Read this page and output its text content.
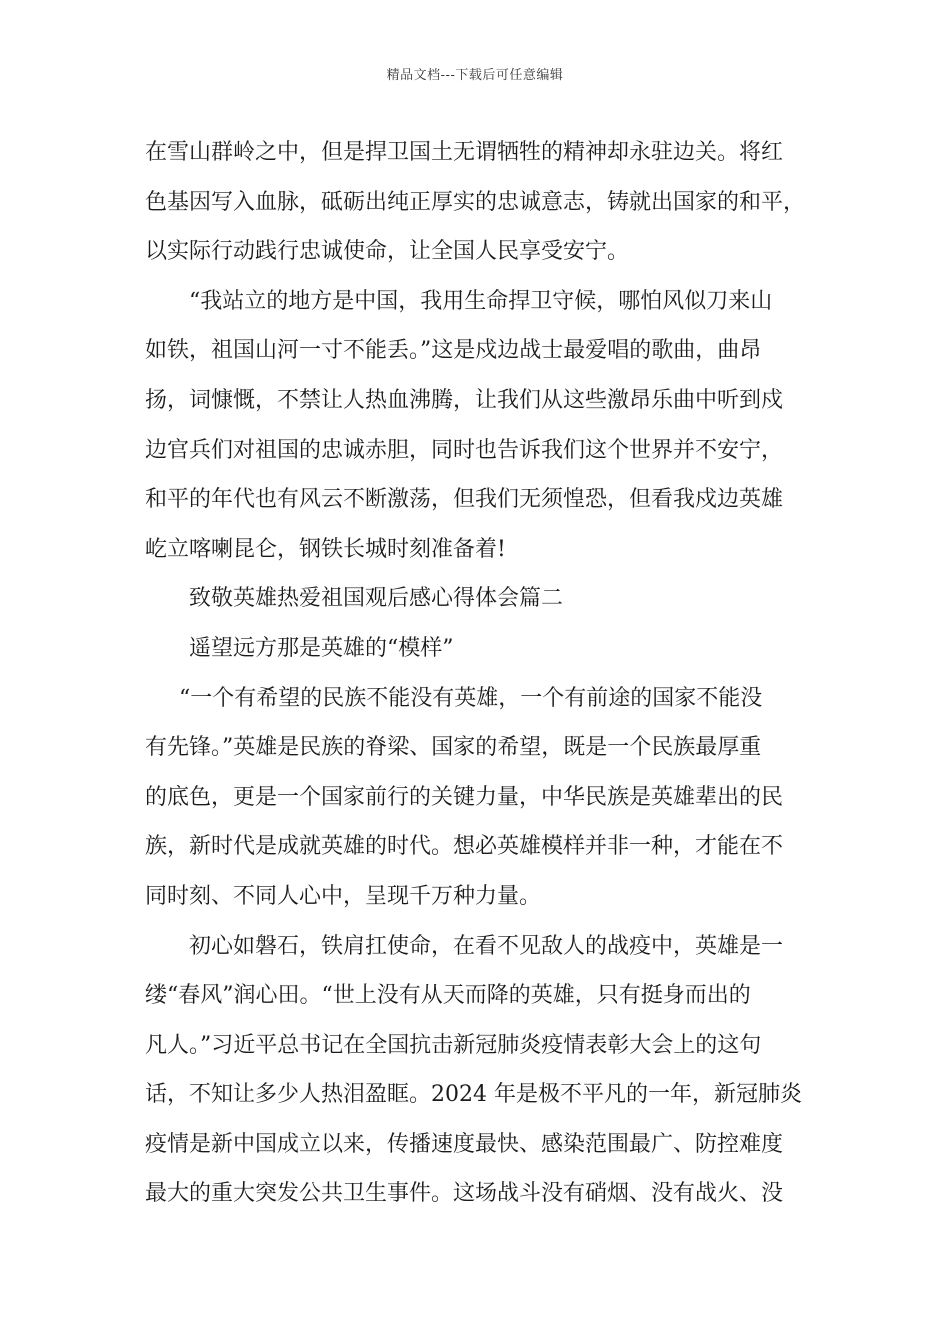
精品文档---下载后可任意编辑

在雪山群岭之中，但是捍卫国土无谓牺牲的精神却永驻边关。将红
色基因写入血脉，砥砺出纯正厚实的忠诚意志，铸就出国家的和平，
以实际行动践行忠诚使命，让全国人民享受安宁。

“我站立的地方是中国，我用生命捍卫守候，哪怕风似刀来山
如铁，祖国山河一寸不能丢。”这是戍边战士最爱唱的歌曲，曲昂
扬，词慷慨，不禁让人热血沸腾，让我们从这些激昂乐曲中听到戍
边官兵们对祖国的忠诚赤胆，同时也告诉我们这个世界并不安宁，
和平的年代也有风云不断激荡，但我们无须惶恐，但看我戍边英雄
屹立喀喇昆仑，钢铁长城时刻准备着!

致敬英雄热爱祖国观后感心得体会篇二

遥望远方那是英雄的“模样”

“一个有希望的民族不能没有英雄，一个有前途的国家不能没
有先锋。”英雄是民族的脊梁、国家的希望，既是一个民族最厚重
的底色，更是一个国家前行的关键力量，中华民族是英雄辈出的民
族，新时代是成就英雄的时代。想必英雄模样并非一种，才能在不
同时刻、不同人心中，呈现千万种力量。

初心如磐石，铁肩扛使命，在看不见敌人的战疫中，英雄是一
缕“春风”润心田。“世上没有从天而降的英雄，只有挺身而出的
凡人。”习近平总书记在全国抗击新冠肺炎疫情表彰大会上的这句
话，不知让多少人热泪盈眶。2024 年是极不平凡的一年，新冠肺炎
疫情是新中国成立以来，传播速度最快、感染范围最广、防控难度
最大的重大突发公共卫生事件。这场战斗没有硝烟、没有战火、没
